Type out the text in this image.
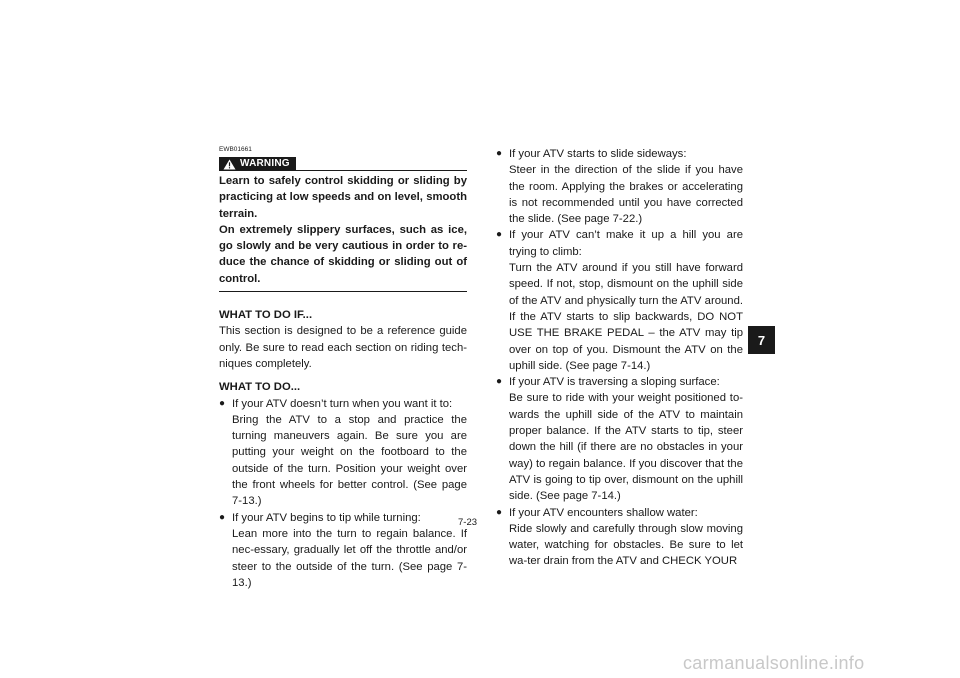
EWB01661
WARNING

Learn to safely control skidding or sliding by practicing at low speeds and on level, smooth terrain.

On extremely slippery surfaces, such as ice, go slowly and be very cautious in order to re-duce the chance of skidding or sliding out of control.

WHAT TO DO IF...

This section is designed to be a reference guide only. Be sure to read each section on riding tech-niques completely.

WHAT TO DO...

● If your ATV doesn’t turn when you want it to:

Bring the ATV to a stop and practice the turning maneuvers again. Be sure you are putting your weight on the footboard to the outside of the turn. Position your weight over the front wheels for better control. (See page 7-13.)

● If your ATV begins to tip while turning:

Lean more into the turn to regain balance. If nec-essary, gradually let off the throttle and/or steer to the outside of the turn. (See page 7-13.)

● If your ATV starts to slide sideways:

Steer in the direction of the slide if you have the room. Applying the brakes or accelerating is not recommended until you have corrected the slide. (See page 7-22.)

● If your ATV can’t make it up a hill you are trying to climb:

Turn the ATV around if you still have forward speed. If not, stop, dismount on the uphill side of the ATV and physically turn the ATV around. If the ATV starts to slip backwards, DO NOT USE THE BRAKE PEDAL – the ATV may tip over on top of you. Dismount the ATV on the uphill side. (See page 7-14.)

● If your ATV is traversing a sloping surface:

Be sure to ride with your weight positioned to-wards the uphill side of the ATV to maintain proper balance. If the ATV starts to tip, steer down the hill (if there are no obstacles in your way) to regain balance. If you discover that the ATV is going to tip over, dismount on the uphill side. (See page 7-14.)

● If your ATV encounters shallow water:

Ride slowly and carefully through slow moving water, watching for obstacles. Be sure to let wa-ter drain from the ATV and CHECK YOUR

7-23
7
carmanualsonline.info
